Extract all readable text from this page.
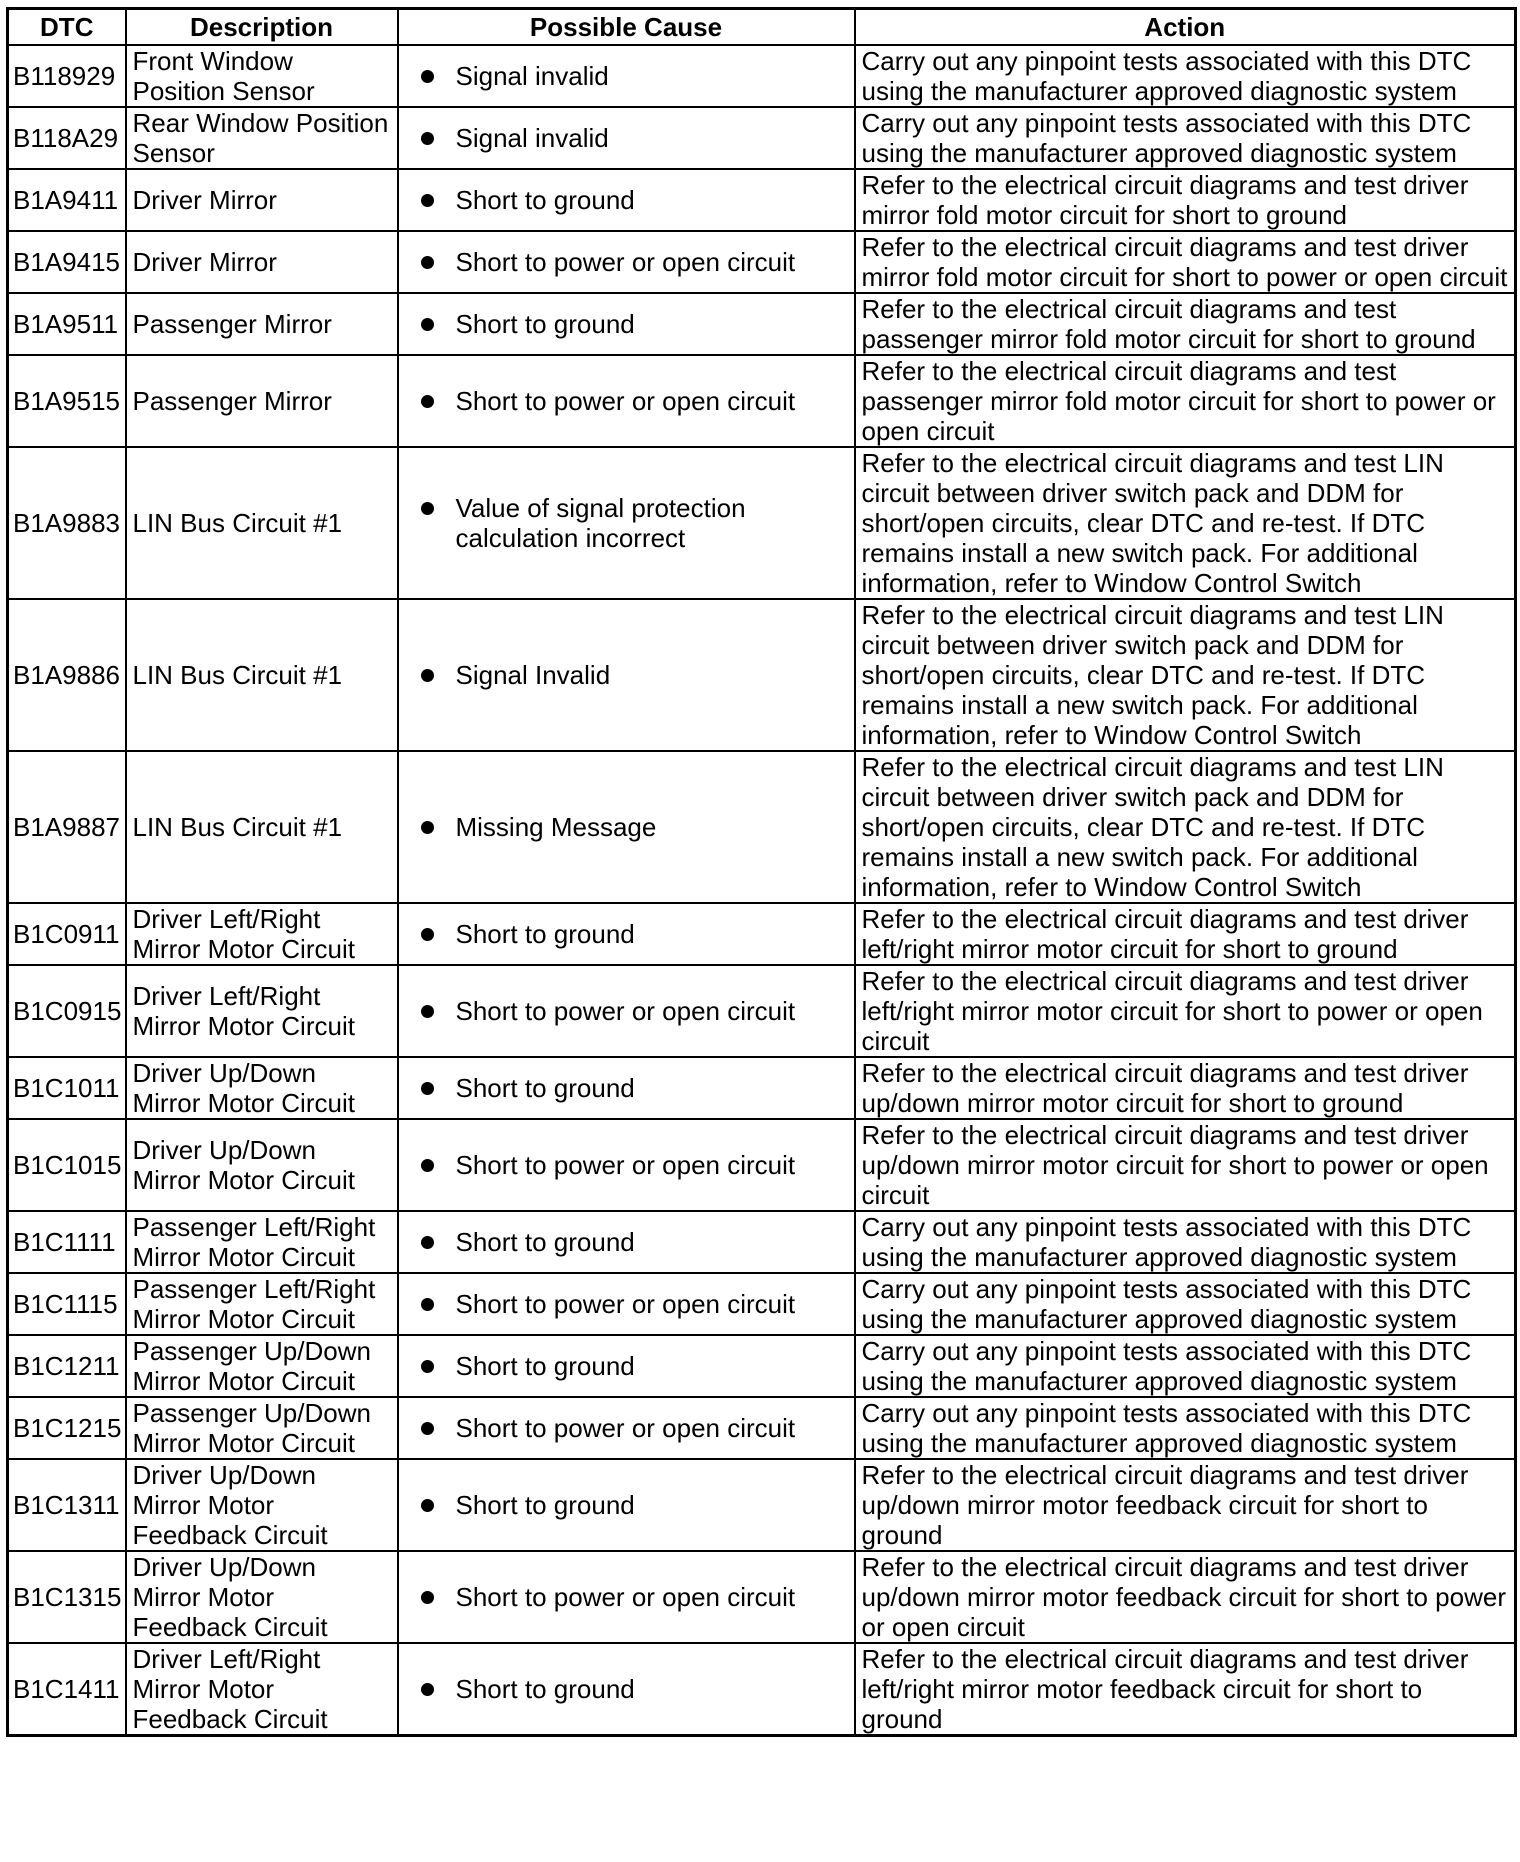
DTC	Description	Possible Cause	Action
B118929	Front Window Position Sensor	Signal invalid	Carry out any pinpoint tests associated with this DTC using the manufacturer approved diagnostic system
B118A29	Rear Window Position Sensor	Signal invalid	Carry out any pinpoint tests associated with this DTC using the manufacturer approved diagnostic system
B1A9411	Driver Mirror	Short to ground	Refer to the electrical circuit diagrams and test driver mirror fold motor circuit for short to ground
B1A9415	Driver Mirror	Short to power or open circuit	Refer to the electrical circuit diagrams and test driver mirror fold motor circuit for short to power or open circuit
B1A9511	Passenger Mirror	Short to ground	Refer to the electrical circuit diagrams and test passenger mirror fold motor circuit for short to ground
B1A9515	Passenger Mirror	Short to power or open circuit	Refer to the electrical circuit diagrams and test passenger mirror fold motor circuit for short to power or open circuit
B1A9883	LIN Bus Circuit #1	Value of signal protection calculation incorrect	Refer to the electrical circuit diagrams and test LIN circuit between driver switch pack and DDM for short/open circuits, clear DTC and re-test. If DTC remains install a new switch pack. For additional information, refer to Window Control Switch
B1A9886	LIN Bus Circuit #1	Signal Invalid	Refer to the electrical circuit diagrams and test LIN circuit between driver switch pack and DDM for short/open circuits, clear DTC and re-test. If DTC remains install a new switch pack. For additional information, refer to Window Control Switch
B1A9887	LIN Bus Circuit #1	Missing Message	Refer to the electrical circuit diagrams and test LIN circuit between driver switch pack and DDM for short/open circuits, clear DTC and re-test. If DTC remains install a new switch pack. For additional information, refer to Window Control Switch
B1C0911	Driver Left/Right Mirror Motor Circuit	Short to ground	Refer to the electrical circuit diagrams and test driver left/right mirror motor circuit for short to ground
B1C0915	Driver Left/Right Mirror Motor Circuit	Short to power or open circuit	Refer to the electrical circuit diagrams and test driver left/right mirror motor circuit for short to power or open circuit
B1C1011	Driver Up/Down Mirror Motor Circuit	Short to ground	Refer to the electrical circuit diagrams and test driver up/down mirror motor circuit for short to ground
B1C1015	Driver Up/Down Mirror Motor Circuit	Short to power or open circuit	Refer to the electrical circuit diagrams and test driver up/down mirror motor circuit for short to power or open circuit
B1C1111	Passenger Left/Right Mirror Motor Circuit	Short to ground	Carry out any pinpoint tests associated with this DTC using the manufacturer approved diagnostic system
B1C1115	Passenger Left/Right Mirror Motor Circuit	Short to power or open circuit	Carry out any pinpoint tests associated with this DTC using the manufacturer approved diagnostic system
B1C1211	Passenger Up/Down Mirror Motor Circuit	Short to ground	Carry out any pinpoint tests associated with this DTC using the manufacturer approved diagnostic system
B1C1215	Passenger Up/Down Mirror Motor Circuit	Short to power or open circuit	Carry out any pinpoint tests associated with this DTC using the manufacturer approved diagnostic system
B1C1311	Driver Up/Down Mirror Motor Feedback Circuit	Short to ground	Refer to the electrical circuit diagrams and test driver up/down mirror motor feedback circuit for short to ground
B1C1315	Driver Up/Down Mirror Motor Feedback Circuit	Short to power or open circuit	Refer to the electrical circuit diagrams and test driver up/down mirror motor feedback circuit for short to power or open circuit
B1C1411	Driver Left/Right Mirror Motor Feedback Circuit	Short to ground	Refer to the electrical circuit diagrams and test driver left/right mirror motor feedback circuit for short to ground
